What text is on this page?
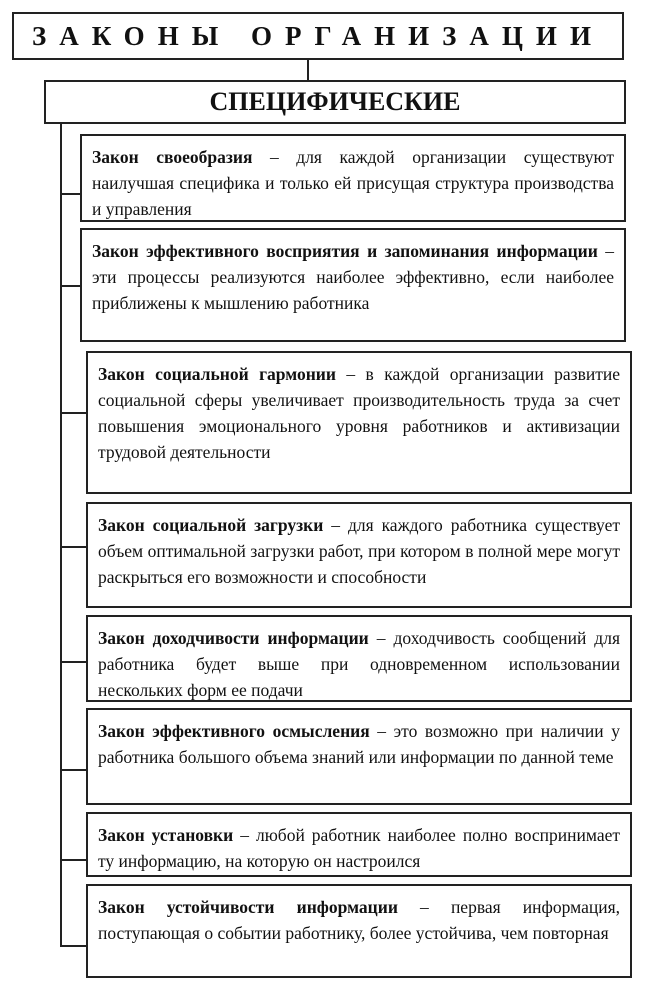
ЗАКОНЫ ОРГАНИЗАЦИИ
СПЕЦИФИЧЕСКИЕ
Закон своеобразия – для каждой организации существуют наилучшая специфика и только ей присущая структура производства и управления
Закон эффективного восприятия и запоминания информации – эти процессы реализуются наиболее эффективно, если наиболее приближены к мышлению работника
Закон социальной гармонии – в каждой организации развитие социальной сферы увеличивает производительность труда за счет повышения эмоционального уровня работников и активизации трудовой деятельности
Закон социальной загрузки – для каждого работника существует объем оптимальной загрузки работ, при котором в полной мере могут раскрыться его возможности и способности
Закон доходчивости информации – доходчивость сообщений для работника будет выше при одновременном использовании нескольких форм ее подачи
Закон эффективного осмысления – это возможно при наличии у работника большого объема знаний или информации по данной теме
Закон установки – любой работник наиболее полно воспринимает ту информацию, на которую он настроился
Закон устойчивости информации – первая информация, поступающая о событии работнику, более устойчива, чем повторная
